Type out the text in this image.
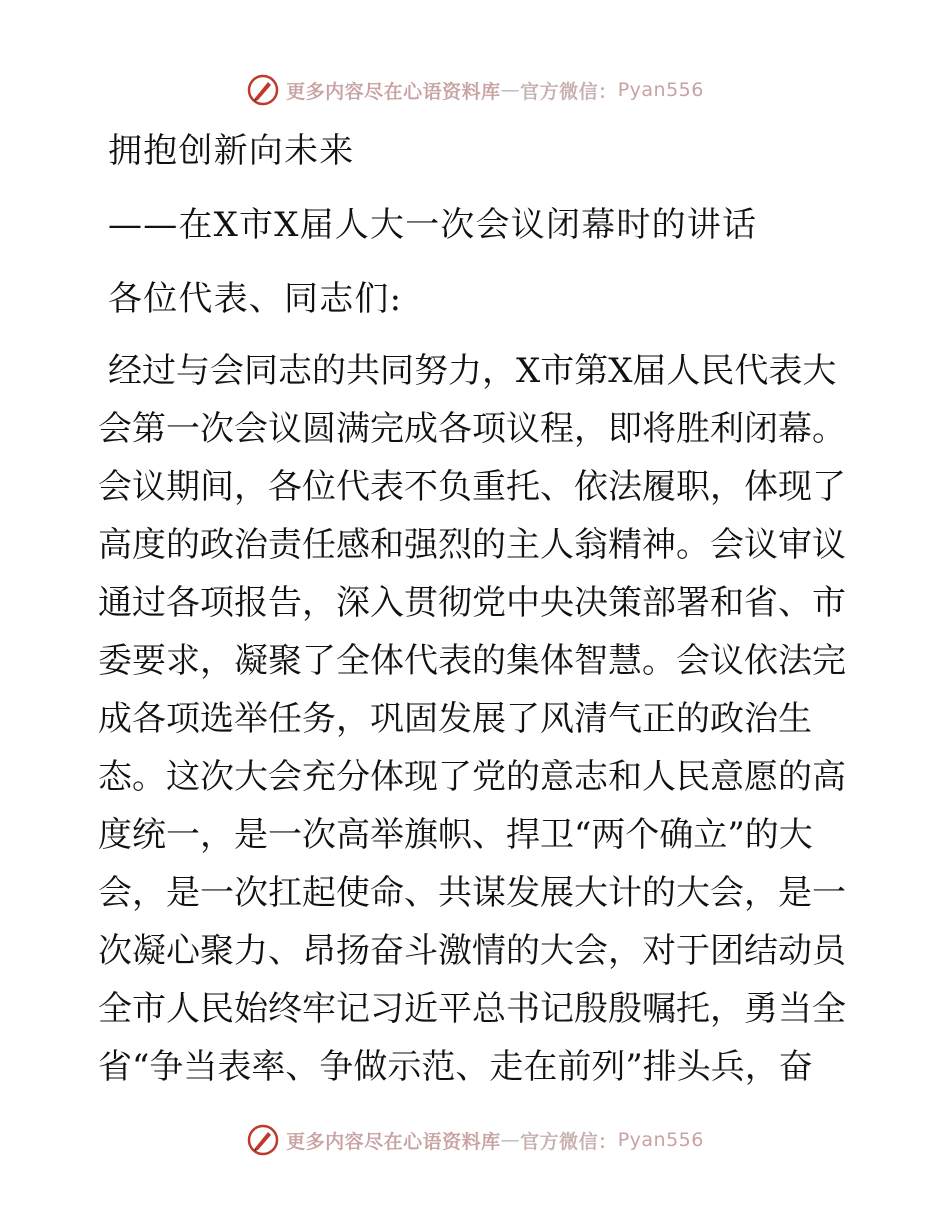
更多内容尽在心语资料库 — 官方微信： Pyan556
拥抱创新向未来
——在X市X届人大一次会议闭幕时的讲话
各位代表、同志们:

经过与会同志的共同努力，X市第X届人民代表大

会第一次会议圆满完成各项议程，即将胜利闭幕。

会议期间，各位代表不负重托、依法履职，体现了

高度的政治责任感和强烈的主人翁精神。会议审议

通过各项报告，深入贯彻党中央决策部署和省、市

委要求，凝聚了全体代表的集体智慧。会议依法完

成各项选举任务，巩固发展了风清气正的政治生

态。这次大会充分体现了党的意志和人民意愿的高

度统一，是一次高举旗帜、捍卫“两个确立”的大

会，是一次扛起使命、共谋发展大计的大会，是一

次凝心聚力、昂扬奋斗激情的大会，对于团结动员

全市人民始终牢记习近平总书记殷殷嘱托，勇当全

省“争当表率、争做示范、走在前列”排头兵，奋

更多内容尽在心语资料库 — 官方微信： Pyan556
